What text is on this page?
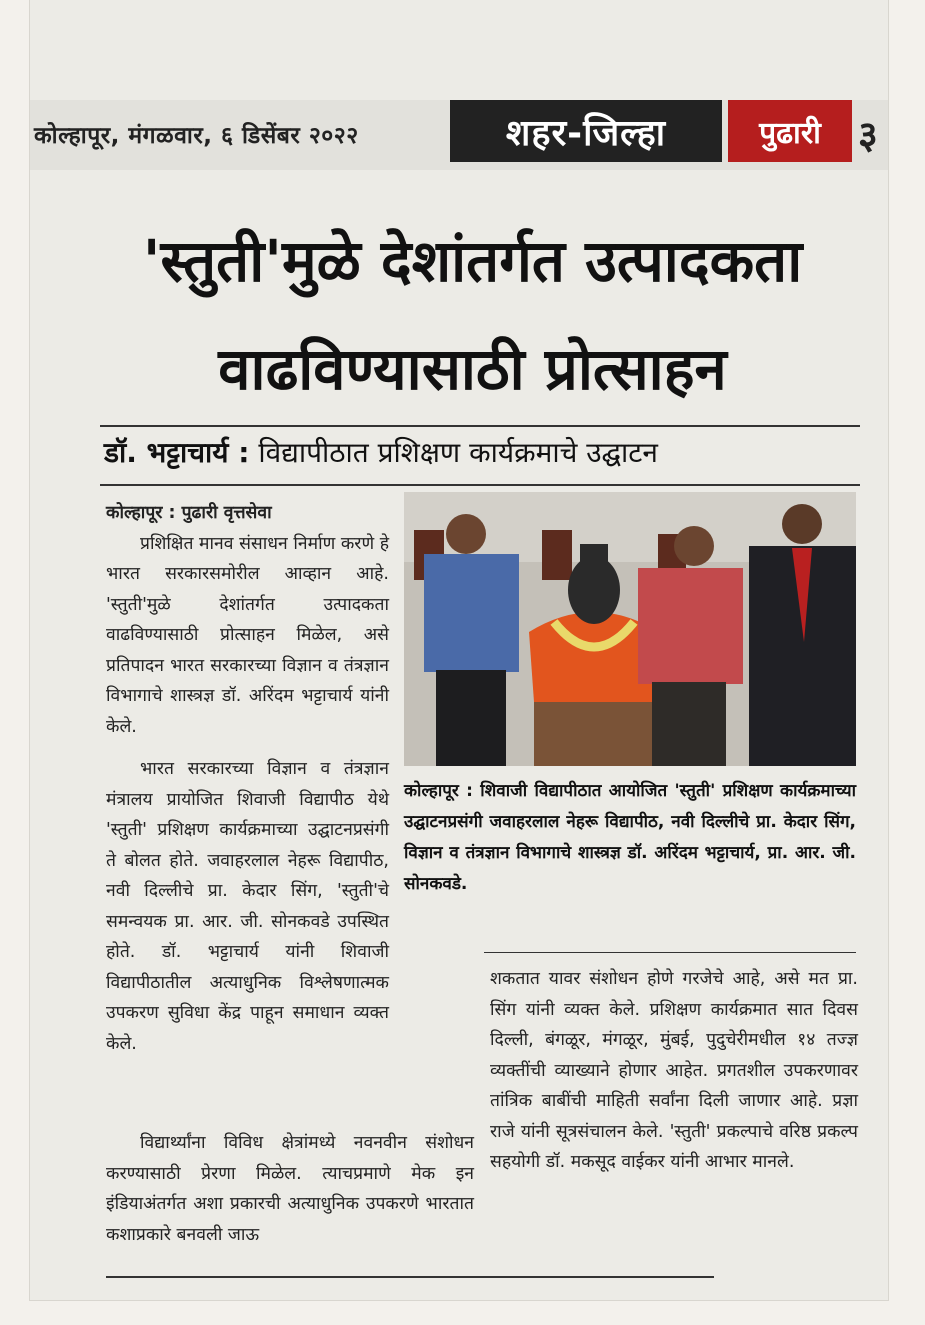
कोल्हापूर, मंगळवार, ६ डिसेंबर २०२२	शहर-जिल्हा	पुढारी ३
'स्तुती'मुळे देशांतर्गत उत्पादकता
वाढविण्यासाठी प्रोत्साहन
डॉ. भट्टाचार्य : विद्यापीठात प्रशिक्षण कार्यक्रमाचे उद्घाटन

कोल्हापूर : पुढारी वृत्तसेवा

प्रशिक्षित मानव संसाधन निर्माण करणे हे भारत सरकारसमोरील आव्हान आहे. 'स्तुती'मुळे देशांतर्गत उत्पादकता वाढविण्यासाठी प्रोत्साहन मिळेल, असे प्रतिपादन भारत सरकारच्या विज्ञान व तंत्रज्ञान विभागाचे शास्त्रज्ञ डॉ. अरिंदम भट्टाचार्य यांनी केले.

भारत सरकारच्या विज्ञान व तंत्रज्ञान मंत्रालय प्रायोजित शिवाजी विद्यापीठ येथे 'स्तुती' प्रशिक्षण कार्यक्रमाच्या उद्घाटनप्रसंगी ते बोलत होते. जवाहरलाल नेहरू विद्यापीठ, नवी दिल्लीचे प्रा. केदार सिंग, 'स्तुती'चे समन्वयक प्रा. आर. जी. सोनकवडे उपस्थित होते. डॉ. भट्टाचार्य यांनी शिवाजी विद्यापीठातील अत्याधुनिक विश्लेषणात्मक उपकरण सुविधा केंद्र पाहून समाधान व्यक्त केले.

विद्यार्थ्यांना विविध क्षेत्रांमध्ये नवनवीन संशोधन करण्यासाठी प्रेरणा मिळेल. त्याचप्रमाणे मेक इन इंडियाअंतर्गत अशा प्रकारची अत्याधुनिक उपकरणे भारतात कशाप्रकारे बनवली जाऊ

कोल्हापूर : शिवाजी विद्यापीठात आयोजित 'स्तुती' प्रशिक्षण कार्यक्रमाच्या उद्घाटनप्रसंगी जवाहरलाल नेहरू विद्यापीठ, नवी दिल्लीचे प्रा. केदार सिंग, विज्ञान व तंत्रज्ञान विभागाचे शास्त्रज्ञ डॉ. अरिंदम भट्टाचार्य, प्रा. आर. जी. सोनकवडे.

शकतात यावर संशोधन होणे गरजेचे आहे, असे मत प्रा. सिंग यांनी व्यक्त केले. प्रशिक्षण कार्यक्रमात सात दिवस दिल्ली, बंगळूर, मंगळूर, मुंबई, पुदुचेरीमधील १४ तज्ज्ञ व्यक्तींची व्याख्याने होणार आहेत. प्रगतशील उपकरणावर तांत्रिक बाबींची माहिती सर्वांना दिली जाणार आहे. प्रज्ञा राजे यांनी सूत्रसंचालन केले. 'स्तुती' प्रकल्पाचे वरिष्ठ प्रकल्प सहयोगी डॉ. मकसूद वाईकर यांनी आभार मानले.
